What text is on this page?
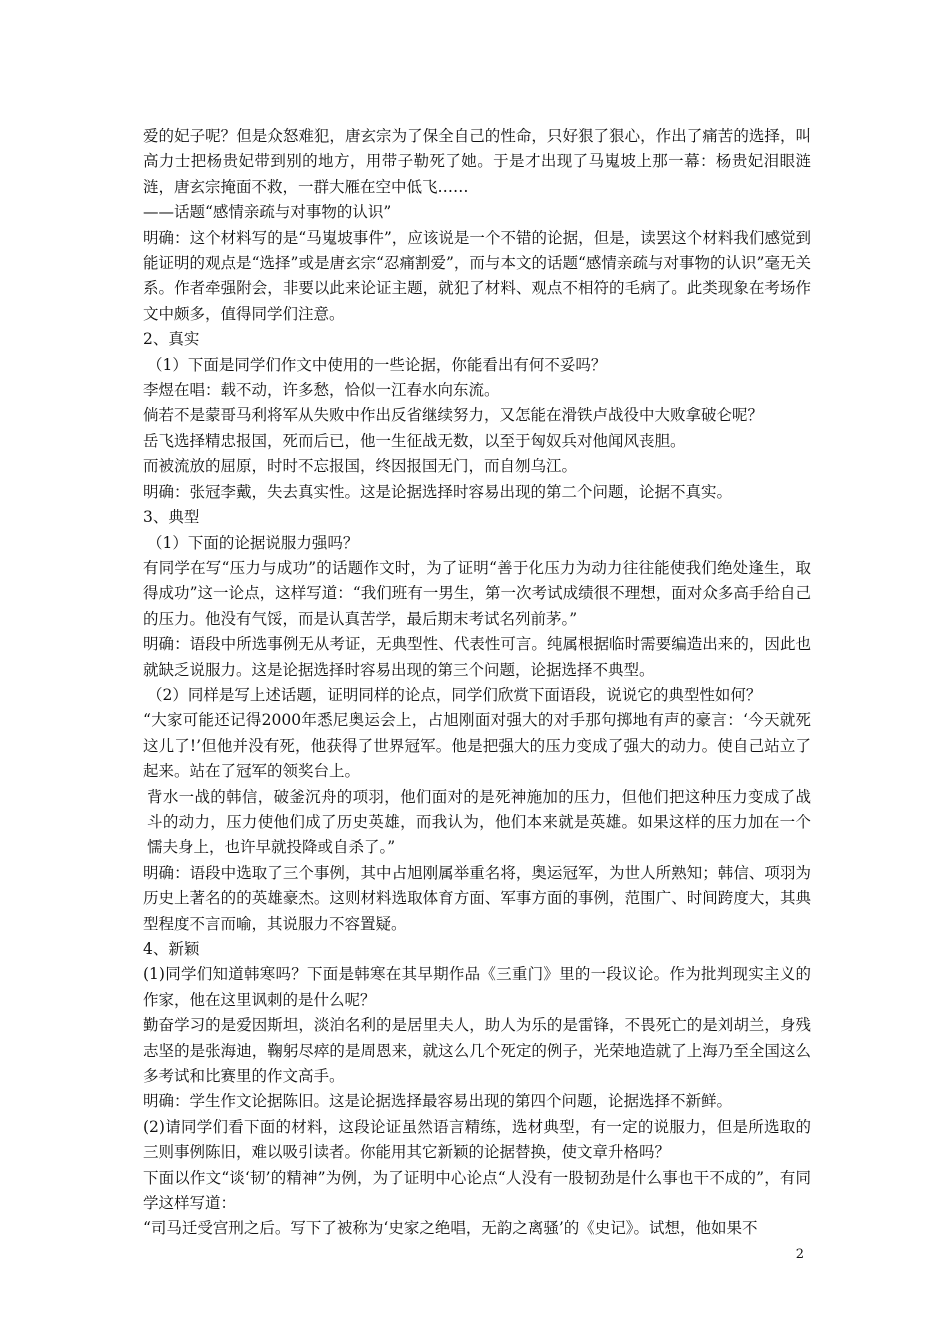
爱的妃子呢？但是众怒难犯，唐玄宗为了保全自己的性命，只好狠了狠心，作出了痛苦的选择，叫高力士把杨贵妃带到别的地方，用带子勒死了她。于是才出现了马嵬坡上那一幕：杨贵妃泪眼涟涟，唐玄宗掩面不救，一群大雁在空中低飞……

——话题“感情亲疏与对事物的认识”

明确：这个材料写的是“马嵬坡事件”，应该说是一个不错的论据，但是，读罢这个材料我们感觉到能证明的观点是“选择”或是唐玄宗“忍痛割爱”，而与本文的话题“感情亲疏与对事物的认识”毫无关系。作者牵强附会，非要以此来论证主题，就犯了材料、观点不相符的毛病了。此类现象在考场作文中颇多，值得同学们注意。

2、真实

（1）下面是同学们作文中使用的一些论据，你能看出有何不妥吗？

李煜在唱：载不动，许多愁，恰似一江春水向东流。

倘若不是蒙哥马利将军从失败中作出反省继续努力，又怎能在滑铁卢战役中大败拿破仑呢？

岳飞选择精忠报国，死而后已，他一生征战无数，以至于匈奴兵对他闻风丧胆。

而被流放的屈原，时时不忘报国，终因报国无门，而自刎乌江。

明确：张冠李戴，失去真实性。这是论据选择时容易出现的第二个问题，论据不真实。

3、典型

（1）下面的论据说服力强吗？

有同学在写“压力与成功”的话题作文时，为了证明“善于化压力为动力往往能使我们绝处逢生，取得成功”这一论点，这样写道：“我们班有一男生，第一次考试成绩很不理想，面对众多高手给自己的压力。他没有气馁，而是认真苦学，最后期末考试名列前茅。”

明确：语段中所选事例无从考证，无典型性、代表性可言。纯属根据临时需要编造出来的，因此也就缺乏说服力。这是论据选择时容易出现的第三个问题，论据选择不典型。

（2）同样是写上述话题，证明同样的论点，同学们欣赏下面语段，说说它的典型性如何？

“大家可能还记得2000年悉尼奥运会上，占旭刚面对强大的对手那句掷地有声的豪言：‘今天就死这儿了!’但他并没有死，他获得了世界冠军。他是把强大的压力变成了强大的动力。使自己站立了起来。站在了冠军的领奖台上。

背水一战的韩信，破釜沉舟的项羽，他们面对的是死神施加的压力，但他们把这种压力变成了战斗的动力，压力使他们成了历史英雄，而我认为，他们本来就是英雄。如果这样的压力加在一个懦夫身上，也许早就投降或自杀了。”

明确：语段中选取了三个事例，其中占旭刚属举重名将，奥运冠军，为世人所熟知；韩信、项羽为历史上著名的的英雄豪杰。这则材料选取体育方面、军事方面的事例，范围广、时间跨度大，其典型程度不言而喻，其说服力不容置疑。

4、新颖

(1)同学们知道韩寒吗？下面是韩寒在其早期作品《三重门》里的一段议论。作为批判现实主义的作家，他在这里讽刺的是什么呢？

勤奋学习的是爱因斯坦，淡泊名利的是居里夫人，助人为乐的是雷锋，不畏死亡的是刘胡兰，身残志坚的是张海迪，鞠躬尽瘁的是周恩来，就这么几个死定的例子，光荣地造就了上海乃至全国这么多考试和比赛里的作文高手。

明确：学生作文论据陈旧。这是论据选择最容易出现的第四个问题，论据选择不新鲜。

(2)请同学们看下面的材料，这段论证虽然语言精练，选材典型，有一定的说服力，但是所选取的三则事例陈旧，难以吸引读者。你能用其它新颖的论据替换，使文章升格吗？

下面以作文“谈‘韧’的精神”为例，为了证明中心论点“人没有一股韧劲是什么事也干不成的”，有同学这样写道：

“司马迁受宫刑之后。写下了被称为‘史家之绝唱，无韵之离骚’的《史记》。试想，他如果不

2
